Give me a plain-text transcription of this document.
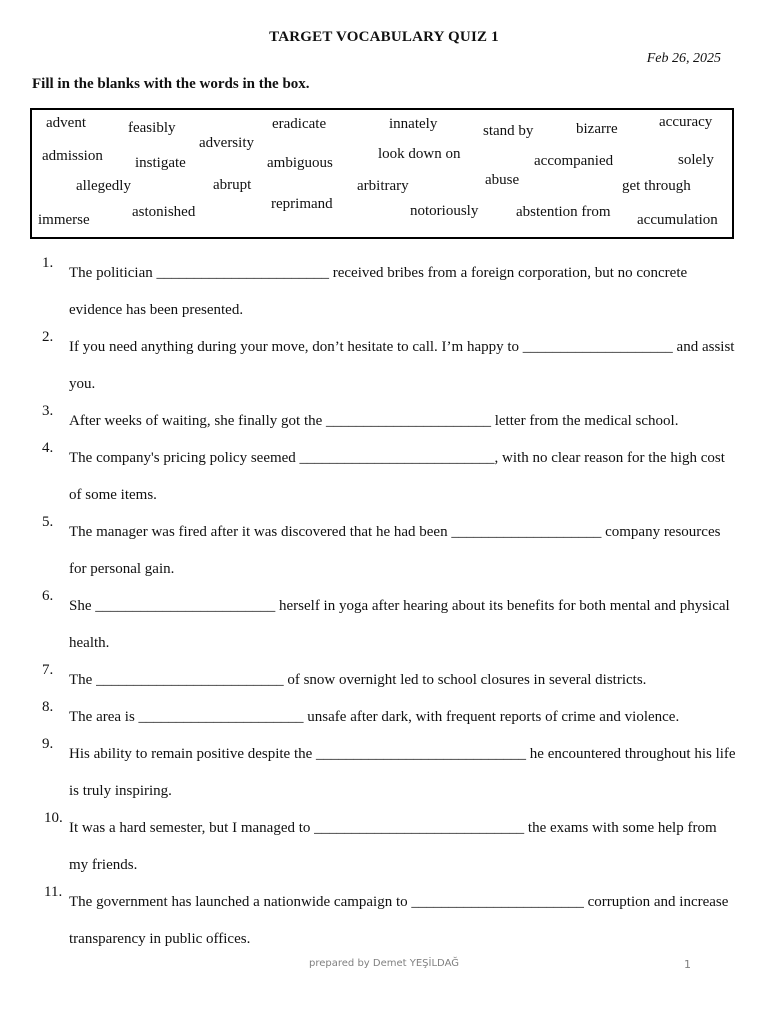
TARGET VOCABULARY QUIZ 1
Feb 26, 2025
Fill in the blanks with the words in the box.
advent	feasibly	eradicate	innately	stand by	bizarre	accuracy
adversity
admission instigate	ambiguous
look down on	accompanied	solely
allegedly	abrupt	arbitrary	abuse	get through
immerse	astonished	reprimand	notoriously	abstention from accumulation
1.
The politician _______________________ received bribes from a foreign corporation, but no concrete evidence has been presented.
2.
If you need anything during your move, don’t hesitate to call. I’m happy to ____________________ and assist you.
3.
After weeks of waiting, she finally got the ______________________ letter from the medical school.
4.
The company's pricing policy seemed __________________________, with no clear reason for the high cost of some items.
5.
The manager was fired after it was discovered that he had been ____________________ company resources for personal gain.
6.
She ________________________ herself in yoga after hearing about its benefits for both mental and physical health.
7.
The _________________________ of snow overnight led to school closures in several districts.
8.
The area is ______________________ unsafe after dark, with frequent reports of crime and violence.
9.
His ability to remain positive despite the ____________________________ he encountered throughout his life is truly inspiring.
10.
It was a hard semester, but I managed to ____________________________ the exams with some help from my friends.
11.
The government has launched a nationwide campaign to _______________________ corruption and increase transparency in public offices.
prepared by Demet YEŞİLDAĞ	1
